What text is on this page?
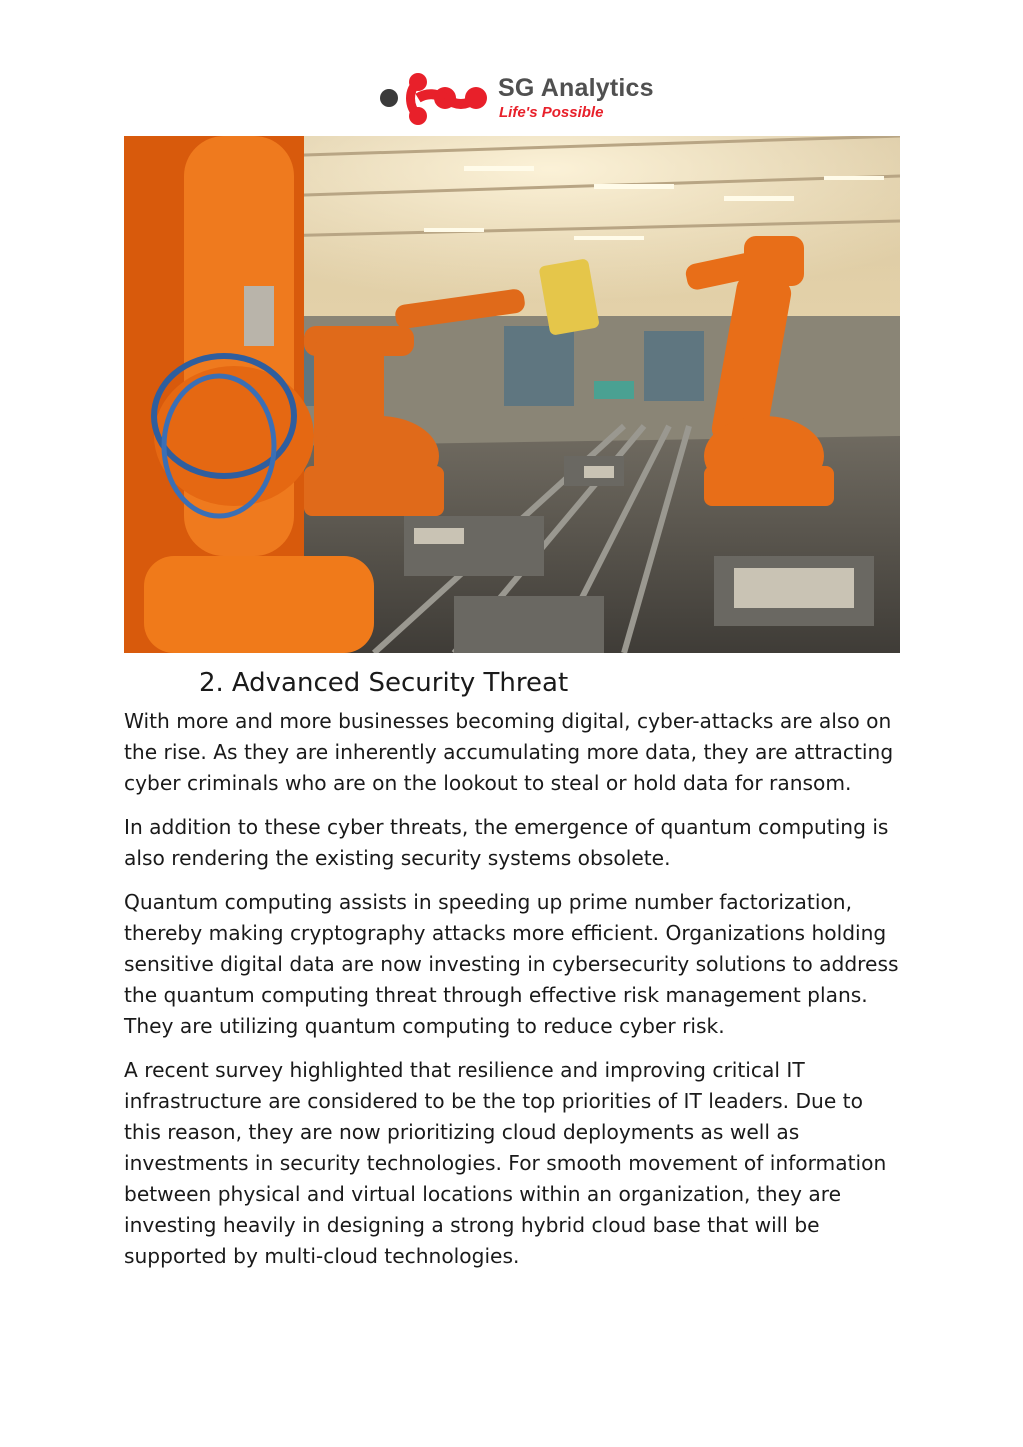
SG Analytics
Life's Possible
2. Advanced Security Threat

With more and more businesses becoming digital, cyber-attacks are also on the rise. As they are inherently accumulating more data, they are attracting cyber criminals who are on the lookout to steal or hold data for ransom.

In addition to these cyber threats, the emergence of quantum computing is also rendering the existing security systems obsolete.

Quantum computing assists in speeding up prime number factorization, thereby making cryptography attacks more efficient. Organizations holding sensitive digital data are now investing in cybersecurity solutions to address the quantum computing threat through effective risk management plans. They are utilizing quantum computing to reduce cyber risk.

A recent survey highlighted that resilience and improving critical IT infrastructure are considered to be the top priorities of IT leaders. Due to this reason, they are now prioritizing cloud deployments as well as investments in security technologies. For smooth movement of information between physical and virtual locations within an organization, they are investing heavily in designing a strong hybrid cloud base that will be supported by multi-cloud technologies.
